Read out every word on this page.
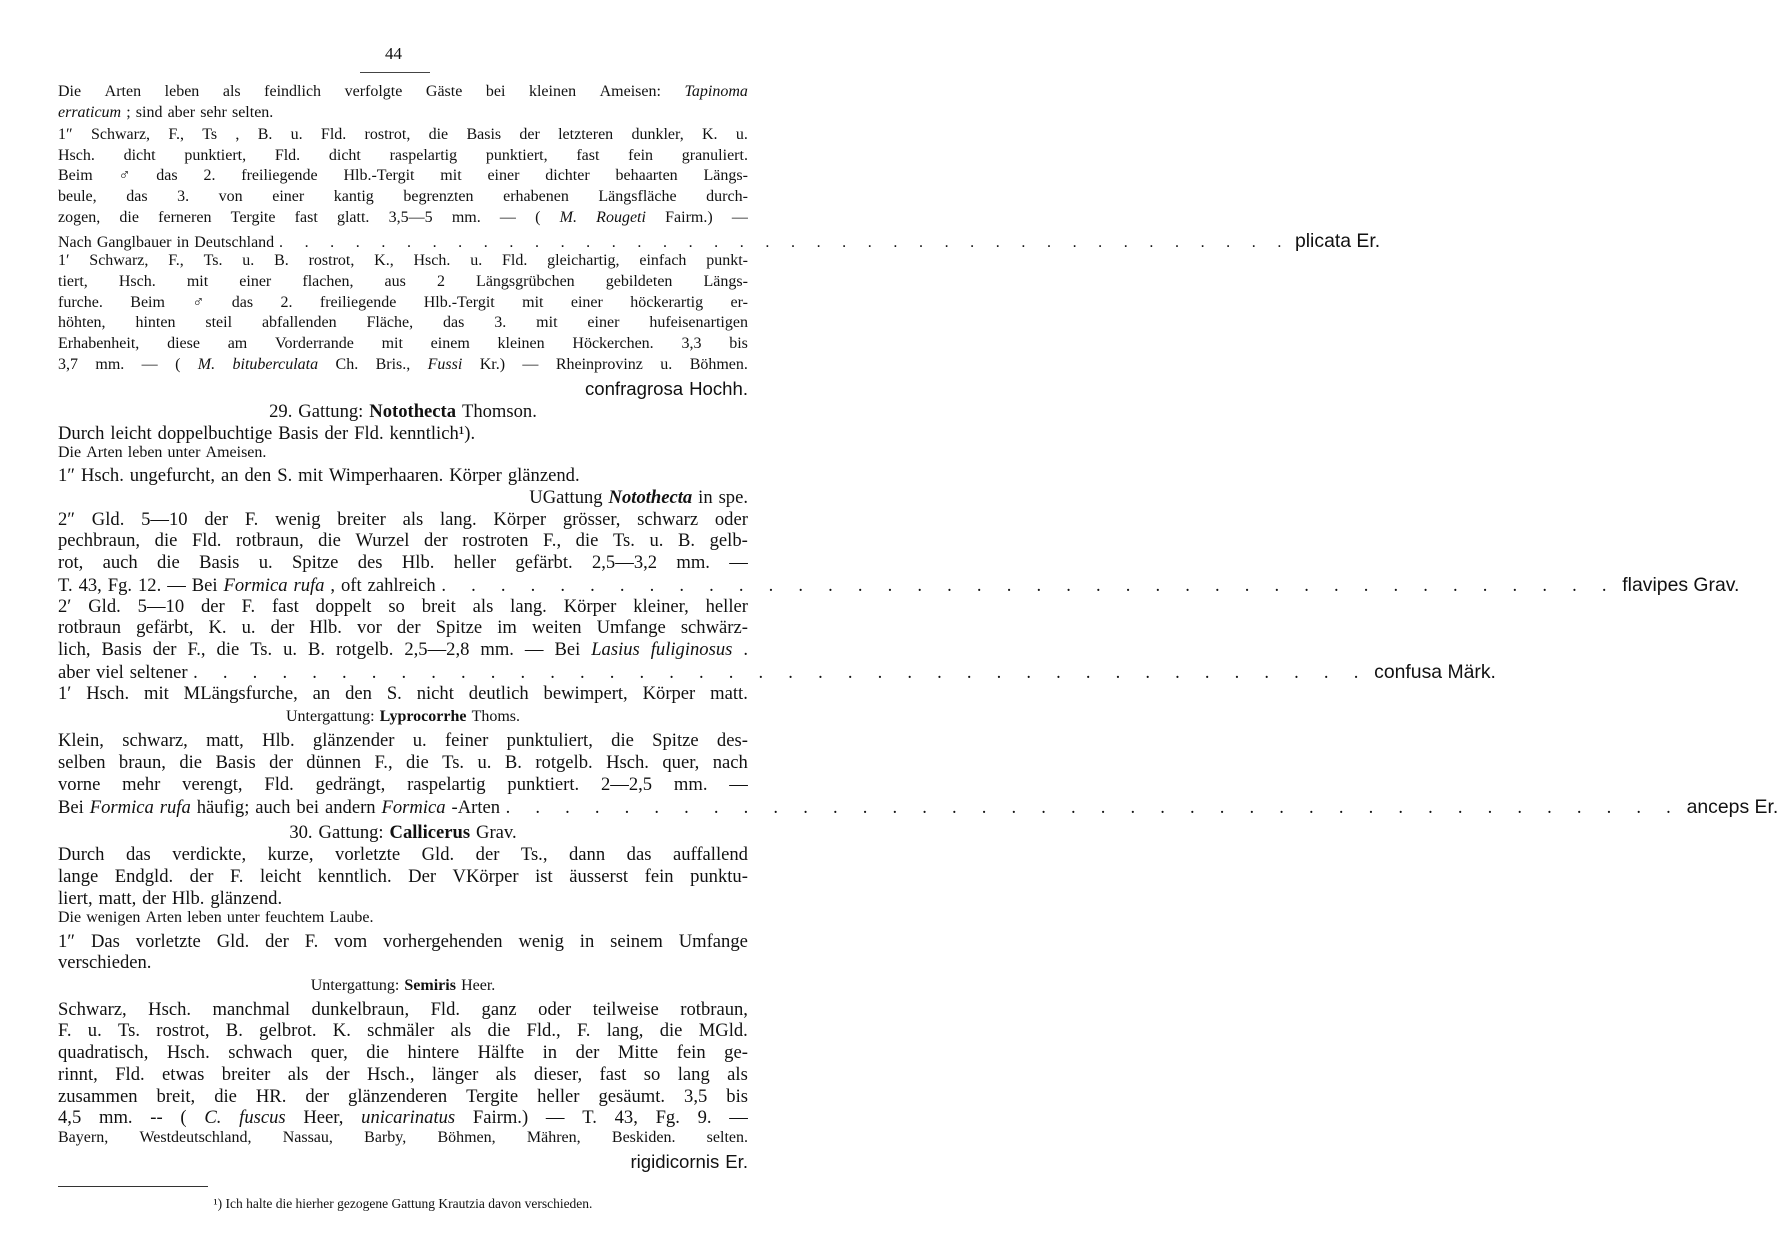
44
Die Arten leben als feindlich verfolgte Gäste bei kleinen Ameisen: Tapinoma
erraticum ; sind aber sehr selten.
1″ Schwarz, F., Ts , B. u. Fld. rostrot, die Basis der letzteren dunkler, K. u.
Hsch. dicht punktiert, Fld. dicht raspelartig punktiert, fast fein granuliert.
Beim ♂ das 2. freiliegende Hlb.-Tergit mit einer dichter behaarten Längs-
beule, das 3. von einer kantig begrenzten erhabenen Längsfläche durch-
zogen, die ferneren Tergite fast glatt. 3,5—5 mm. — ( M. Rougeti Fairm.) —
Nach Ganglbauer in Deutschland . . . . . . . . . . . . . . . . . . . . . . . . . . . . . . . . . . . . . . . . plicata Er.
1′ Schwarz, F., Ts. u. B. rostrot, K., Hsch. u. Fld. gleichartig, einfach punkt-
tiert, Hsch. mit einer flachen, aus 2 Längsgrübchen gebildeten Längs-
furche. Beim ♂ das 2. freiliegende Hlb.-Tergit mit einer höckerartig er-
höhten, hinten steil abfallenden Fläche, das 3. mit einer hufeisenartigen
Erhabenheit, diese am Vorderrande mit einem kleinen Höckerchen. 3,3 bis
3,7 mm. — ( M. bituberculata Ch. Bris., Fussi Kr.) — Rheinprovinz u. Böhmen.
confragrosa Hochh.
29. Gattung: Notothecta Thomson.
Durch leicht doppelbuchtige Basis der Fld. kenntlich¹).
Die Arten leben unter Ameisen.
1″ Hsch. ungefurcht, an den S. mit Wimperhaaren. Körper glänzend.
UGattung Notothecta in spe.
2″ Gld. 5—10 der F. wenig breiter als lang. Körper grösser, schwarz oder
pechbraun, die Fld. rotbraun, die Wurzel der rostroten F., die Ts. u. B. gelb-
rot, auch die Basis u. Spitze des Hlb. heller gefärbt. 2,5—3,2 mm. —
T. 43, Fg. 12. — Bei Formica rufa , oft zahlreich . . . . . . . . . . . . . . . . . . . . . . . . . . . . . . . . . . . . . . . . flavipes Grav.
2′ Gld. 5—10 der F. fast doppelt so breit als lang. Körper kleiner, heller
rotbraun gefärbt, K. u. der Hlb. vor der Spitze im weiten Umfange schwärz-
lich, Basis der F., die Ts. u. B. rotgelb. 2,5—2,8 mm. — Bei Lasius fuliginosus .
aber viel seltener . . . . . . . . . . . . . . . . . . . . . . . . . . . . . . . . . . . . . . . . confusa Märk.
1′ Hsch. mit MLängsfurche, an den S. nicht deutlich bewimpert, Körper matt.
Untergattung: Lyprocorrhe Thoms.
Klein, schwarz, matt, Hlb. glänzender u. feiner punktuliert, die Spitze des-
selben braun, die Basis der dünnen F., die Ts. u. B. rotgelb. Hsch. quer, nach
vorne mehr verengt, Fld. gedrängt, raspelartig punktiert. 2—2,5 mm. —
Bei Formica rufa häufig; auch bei andern Formica -Arten . . . . . . . . . . . . . . . . . . . . . . . . . . . . . . . . . . . . . . . . anceps Er.
30. Gattung: Callicerus Grav.
Durch das verdickte, kurze, vorletzte Gld. der Ts., dann das auffallend
lange Endgld. der F. leicht kenntlich. Der VKörper ist äusserst fein punktu-
liert, matt, der Hlb. glänzend.
Die wenigen Arten leben unter feuchtem Laube.
1″ Das vorletzte Gld. der F. vom vorhergehenden wenig in seinem Umfange
verschieden.
Untergattung: Semiris Heer.
Schwarz, Hsch. manchmal dunkelbraun, Fld. ganz oder teilweise rotbraun,
F. u. Ts. rostrot, B. gelbrot. K. schmäler als die Fld., F. lang, die MGld.
quadratisch, Hsch. schwach quer, die hintere Hälfte in der Mitte fein ge-
rinnt, Fld. etwas breiter als der Hsch., länger als dieser, fast so lang als
zusammen breit, die HR. der glänzenderen Tergite heller gesäumt. 3,5 bis
4,5 mm. -- ( C. fuscus Heer, unicarinatus Fairm.) — T. 43, Fg. 9. —
Bayern, Westdeutschland, Nassau, Barby, Böhmen, Mähren, Beskiden. selten.
rigidicornis Er.
¹) Ich halte die hierher gezogene Gattung Krautzia davon verschieden.
